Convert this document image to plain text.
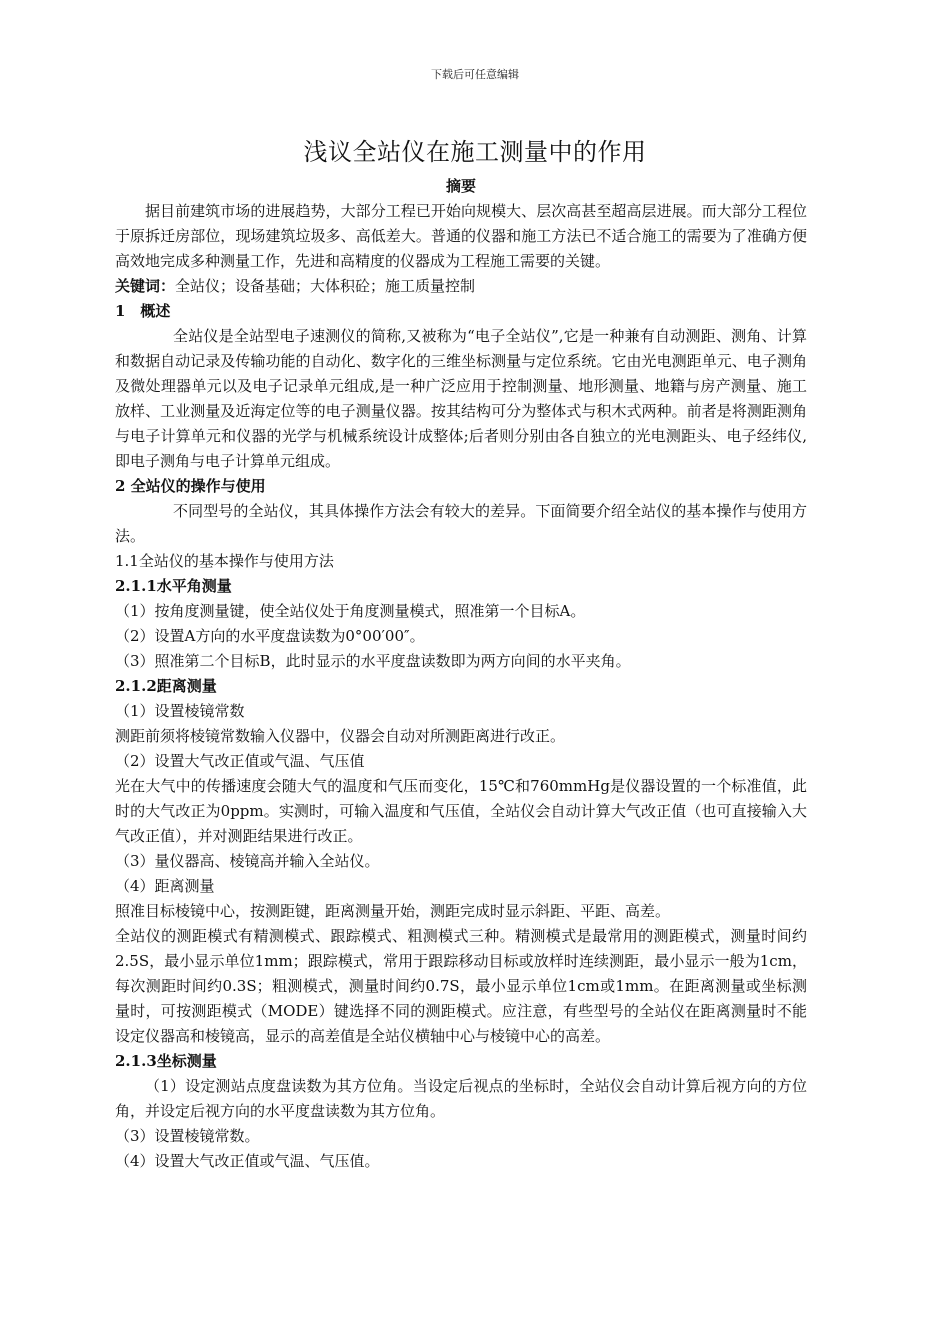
下载后可任意编辑
浅议全站仪在施工测量中的作用

摘要

据目前建筑市场的进展趋势，大部分工程已开始向规模大、层次高甚至超高层进展。而大部分工程位于原拆迁房部位，现场建筑垃圾多、高低差大。普通的仪器和施工方法已不适合施工的需要为了准确方便高效地完成多种测量工作，先进和高精度的仪器成为工程施工需要的关键。

关键词：全站仪；设备基础；大体积砼；施工质量控制

1　概述

全站仪是全站型电子速测仪的简称,又被称为“电子全站仪”,它是一种兼有自动测距、测角、计算和数据自动记录及传输功能的自动化、数字化的三维坐标测量与定位系统。它由光电测距单元、电子测角及微处理器单元以及电子记录单元组成,是一种广泛应用于控制测量、地形测量、地籍与房产测量、施工放样、工业测量及近海定位等的电子测量仪器。按其结构可分为整体式与积木式两种。前者是将测距测角与电子计算单元和仪器的光学与机械系统设计成整体;后者则分别由各自独立的光电测距头、电子经纬仪,即电子测角与电子计算单元组成。

2 全站仪的操作与使用

不同型号的全站仪，其具体操作方法会有较大的差异。下面简要介绍全站仪的基本操作与使用方法。

1.1全站仪的基本操作与使用方法

2.1.1水平角测量

（1）按角度测量键，使全站仪处于角度测量模式，照准第一个目标A。

（2）设置A方向的水平度盘读数为0°00′00″。

（3）照准第二个目标B，此时显示的水平度盘读数即为两方向间的水平夹角。

2.1.2距离测量

（1）设置棱镜常数

测距前须将棱镜常数输入仪器中，仪器会自动对所测距离进行改正。

（2）设置大气改正值或气温、气压值

光在大气中的传播速度会随大气的温度和气压而变化，15℃和760mmHg是仪器设置的一个标准值，此时的大气改正为0ppm。实测时，可输入温度和气压值，全站仪会自动计算大气改正值（也可直接输入大气改正值），并对测距结果进行改正。

（3）量仪器高、棱镜高并输入全站仪。

（4）距离测量

照准目标棱镜中心，按测距键，距离测量开始，测距完成时显示斜距、平距、高差。

全站仪的测距模式有精测模式、跟踪模式、粗测模式三种。精测模式是最常用的测距模式，测量时间约2.5S，最小显示单位1mm；跟踪模式，常用于跟踪移动目标或放样时连续测距，最小显示一般为1cm，每次测距时间约0.3S；粗测模式，测量时间约0.7S，最小显示单位1cm或1mm。在距离测量或坐标测量时，可按测距模式（MODE）键选择不同的测距模式。应注意，有些型号的全站仪在距离测量时不能设定仪器高和棱镜高，显示的高差值是全站仪横轴中心与棱镜中心的高差。

2.1.3坐标测量

（1）设定测站点度盘读数为其方位角。当设定后视点的坐标时，全站仪会自动计算后视方向的方位角，并设定后视方向的水平度盘读数为其方位角。

（3）设置棱镜常数。

（4）设置大气改正值或气温、气压值。
